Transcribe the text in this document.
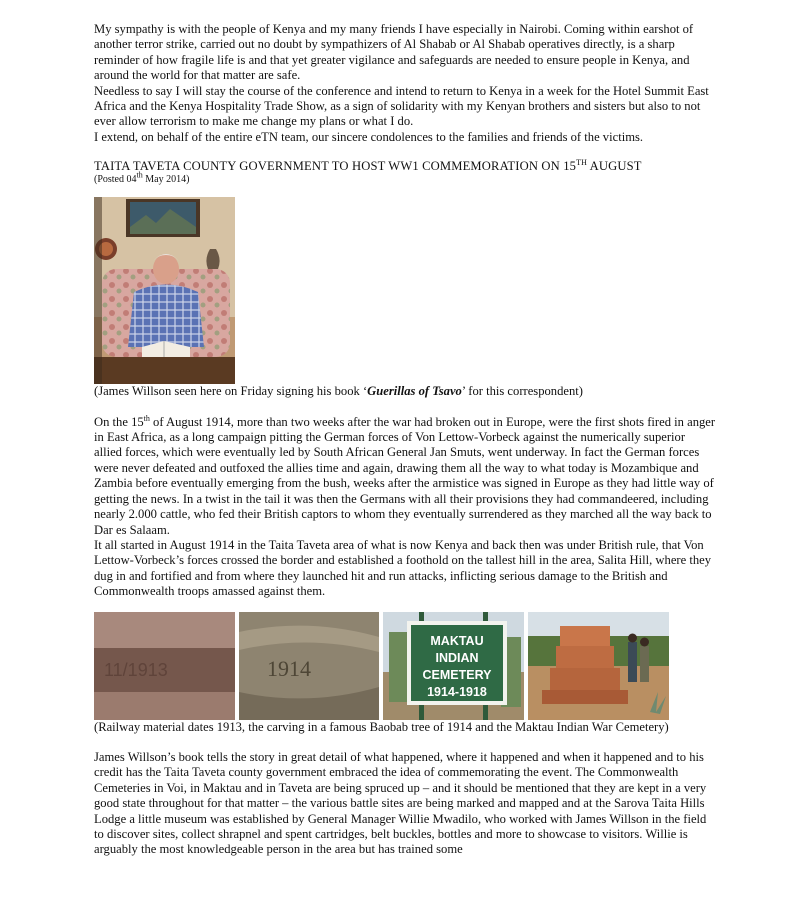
My sympathy is with the people of Kenya and my many friends I have especially in Nairobi. Coming within earshot of another terror strike, carried out no doubt by sympathizers of Al Shabab or Al Shabab operatives directly, is a sharp reminder of how fragile life is and that yet greater vigilance and safeguards are needed to ensure people in Kenya, and around the world for that matter are safe.

Needless to say I will stay the course of the conference and intend to return to Kenya in a week for the Hotel Summit East Africa and the Kenya Hospitality Trade Show, as a sign of solidarity with my Kenyan brothers and sisters but also to not ever allow terrorism to make me change my plans or what I do.

I extend, on behalf of the entire eTN team, our sincere condolences to the families and friends of the victims.

TAITA TAVETA COUNTY GOVERNMENT TO HOST WW1 COMMEMORATION ON 15TH AUGUST

(Posted 04th May 2014)

(James Willson seen here on Friday signing his book ‘Guerillas of Tsavo’ for this correspondent)

On the 15th of August 1914, more than two weeks after the war had broken out in Europe, were the first shots fired in anger in East Africa, as a long campaign pitting the German forces of Von Lettow-Vorbeck against the numerically superior allied forces, which were eventually led by South African General Jan Smuts, went underway. In fact the German forces were never defeated and outfoxed the allies time and again, drawing them all the way to what today is Mozambique and Zambia before eventually emerging from the bush, weeks after the armistice was signed in Europe as they had little way of getting the news. In a twist in the tail it was then the Germans with all their provisions they had commandeered, including nearly 2.000 cattle, who fed their British captors to whom they eventually surrendered as they marched all the way back to Dar es Salaam.

It all started in August 1914 in the Taita Taveta area of what is now Kenya and back then was under British rule, that Von Lettow-Vorbeck’s forces crossed the border and established a foothold on the tallest hill in the area, Salita Hill, where they dug in and fortified and from where they launched hit and run attacks, inflicting serious damage to the British and Commonwealth troops amassed against them.

11/1913	1914
MAKTAU
INDIAN
CEMETERY
1914-1918

(Railway material dates 1913, the carving in a famous Baobab tree of 1914 and the Maktau Indian War Cemetery)

James Willson’s book tells the story in great detail of what happened, where it happened and when it happened and to his credit has the Taita Taveta county government embraced the idea of commemorating the event. The Commonwealth Cemeteries in Voi, in Maktau and in Taveta are being spruced up – and it should be mentioned that they are kept in a very good state throughout for that matter – the various battle sites are being marked and mapped and at the Sarova Taita Hills Lodge a little museum was established by General Manager Willie Mwadilo, who worked with James Willson in the field to discover sites, collect shrapnel and spent cartridges, belt buckles, bottles and more to showcase to visitors. Willie is arguably the most knowledgeable person in the area but has trained some
